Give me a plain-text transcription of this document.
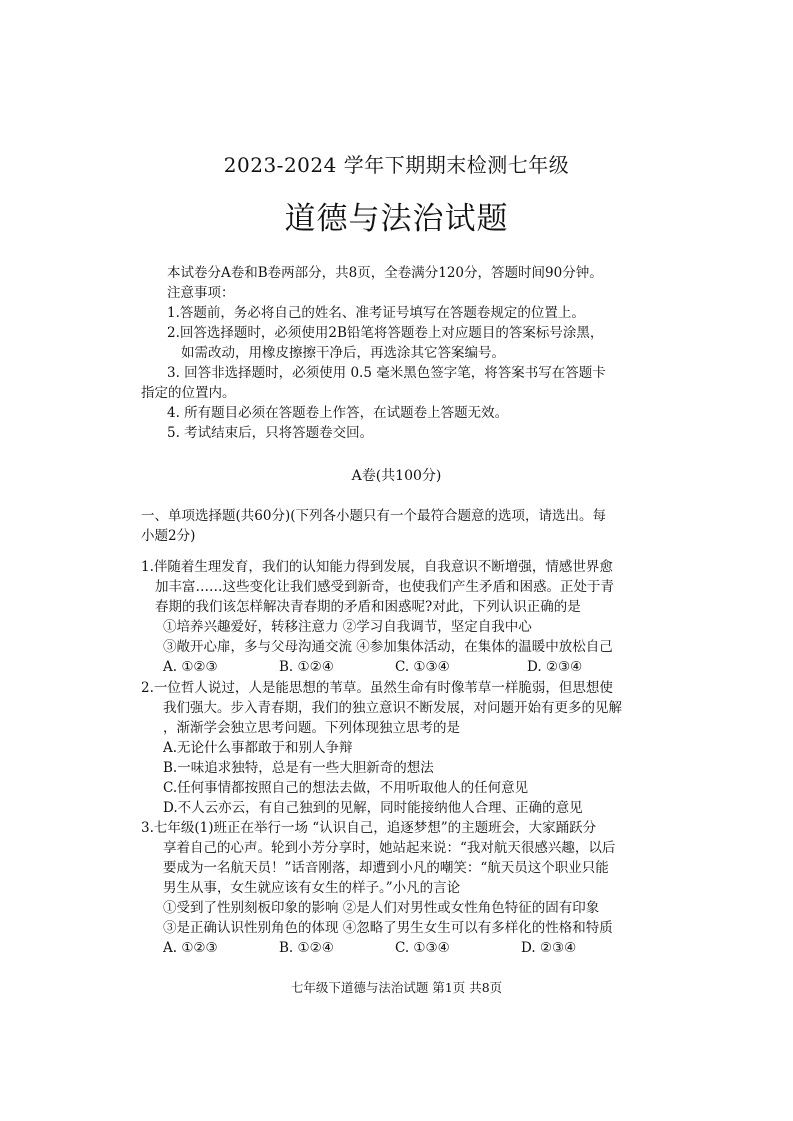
2023-2024 学年下期期末检测七年级
道德与法治试题
本试卷分A卷和B卷两部分，共8页，全卷满分120分，答题时间90分钟。
注意事项：
1.答题前，务必将自己的姓名、准考证号填写在答题卷规定的位置上。
2.回答选择题时，必须使用2B铅笔将答题卷上对应题目的答案标号涂黑，
如需改动，用橡皮擦擦干净后，再选涂其它答案编号。
3. 回答非选择题时，必须使用 0.5 毫米黑色签字笔，将答案书写在答题卡
指定的位置内。
4. 所有题目必须在答题卷上作答，在试题卷上答题无效。
5. 考试结束后，只将答题卷交回。
A卷(共100分)
一、单项选择题(共60分)(下列各小题只有一个最符合题意的选项，请选出。每
小题2分)
1.伴随着生理发育，我们的认知能力得到发展，自我意识不断增强，情感世界愈
加丰富……这些变化让我们感受到新奇，也使我们产生矛盾和困惑。正处于青
春期的我们该怎样解决青春期的矛盾和困惑呢?对此，下列认识正确的是
①培养兴趣爱好，转移注意力 ②学习自我调节，坚定自我中心
③敞开心扉，多与父母沟通交流 ④参加集体活动，在集体的温暖中放松自己
A. ①②③	B. ①②④	C. ①③④	D. ②③④
2.一位哲人说过，人是能思想的苇草。虽然生命有时像苇草一样脆弱，但思想使
我们强大。步入青春期，我们的独立意识不断发展，对问题开始有更多的见解
，渐渐学会独立思考问题。下列体现独立思考的是
A.无论什么事都敢于和别人争辩
B.一味追求独特，总是有一些大胆新奇的想法
C.任何事情都按照自己的想法去做，不用听取他人的任何意见
D.不人云亦云，有自己独到的见解，同时能接纳他人合理、正确的意见
3.七年级(1)班正在举行一场 “认识自己，追逐梦想”的主题班会，大家踊跃分
享着自己的心声。轮到小芳分享时，她站起来说：“我对航天很感兴趣，以后
要成为一名航天员！”话音刚落，却遭到小凡的嘲笑：“航天员这个职业只能
男生从事，女生就应该有女生的样子。”小凡的言论
①受到了性别刻板印象的影响 ②是人们对男性或女性角色特征的固有印象
③是正确认识性别角色的体现 ④忽略了男生女生可以有多样化的性格和特质
A. ①②③	B. ①②④	C. ①③④	D. ②③④
七年级下道德与法治试题 第1页 共8页
